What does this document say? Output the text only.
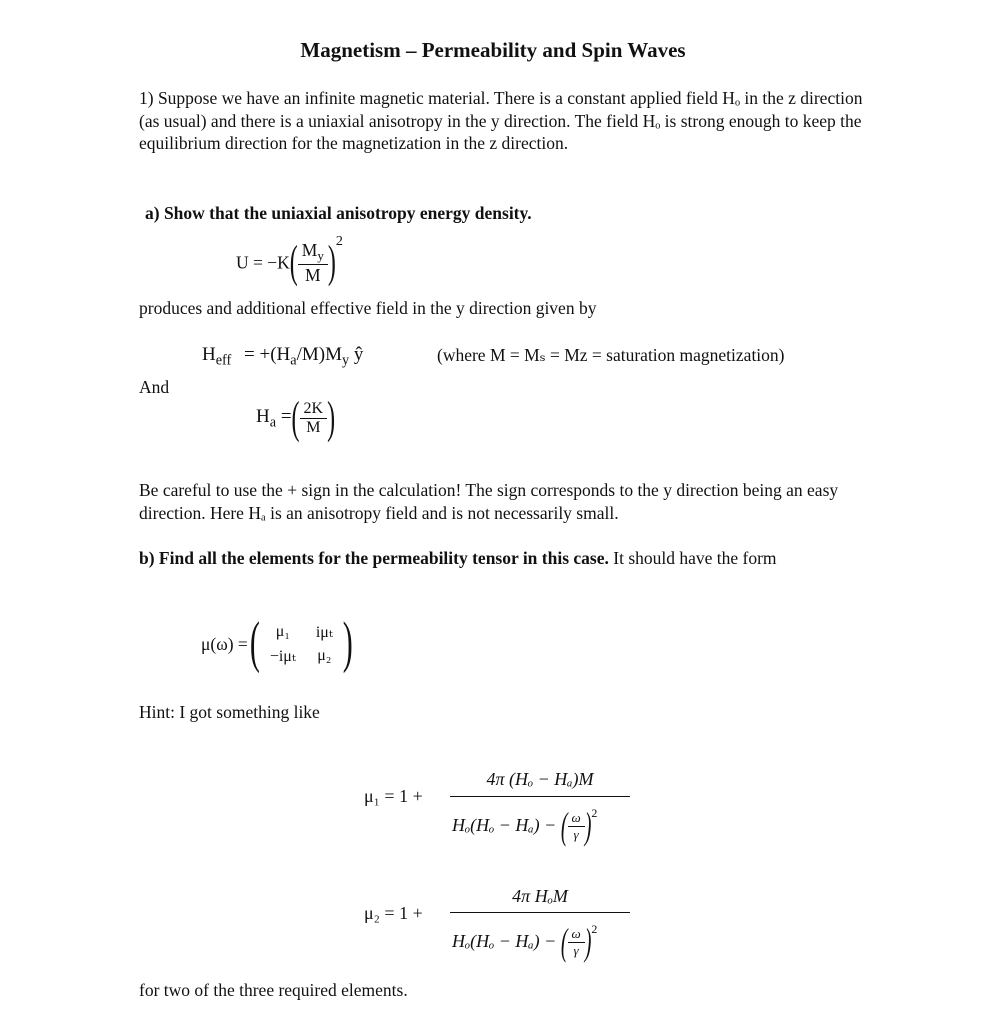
Magnetism – Permeability and Spin Waves
1) Suppose we have an infinite magnetic material. There is a constant applied field Hₒ in the z direction (as usual) and there is a uniaxial anisotropy in the y direction. The field Hₒ is strong enough to keep the equilibrium direction for the magnetization in the z direction.
a) Show that the uniaxial anisotropy energy density.
$U = -K( \frac{M_y}{M} )^2$
produces and additional effective field in the y direction given by
$H_{eff} = +(H_a/M)M_y$ ŷ	(where M = Mₛ = Mz = saturation magnetization)
And
$H_a$ =( $\frac{2K}{M}$ )
Be careful to use the + sign in the calculation! The sign corresponds to the y direction being an easy direction. Here Hₐ is an anisotropy field and is not necessarily small.
b) Find all the elements for the permeability tensor in this case. It should have the form
μ(ω) = ( μ₁	iμₜ
−iμₜ	μ₂ )
Hint: I got something like
μ₁ = 1 +
4π (Hₒ − Hₐ)M
Hₒ(Hₒ − Hₐ) − ( $\frac{\omega}{\gamma} )^2$
μ₂ = 1 +
4π HₒM
Hₒ(Hₒ − Hₐ) − ( $\frac{\omega}{\gamma} )^2$
for two of the three required elements.
